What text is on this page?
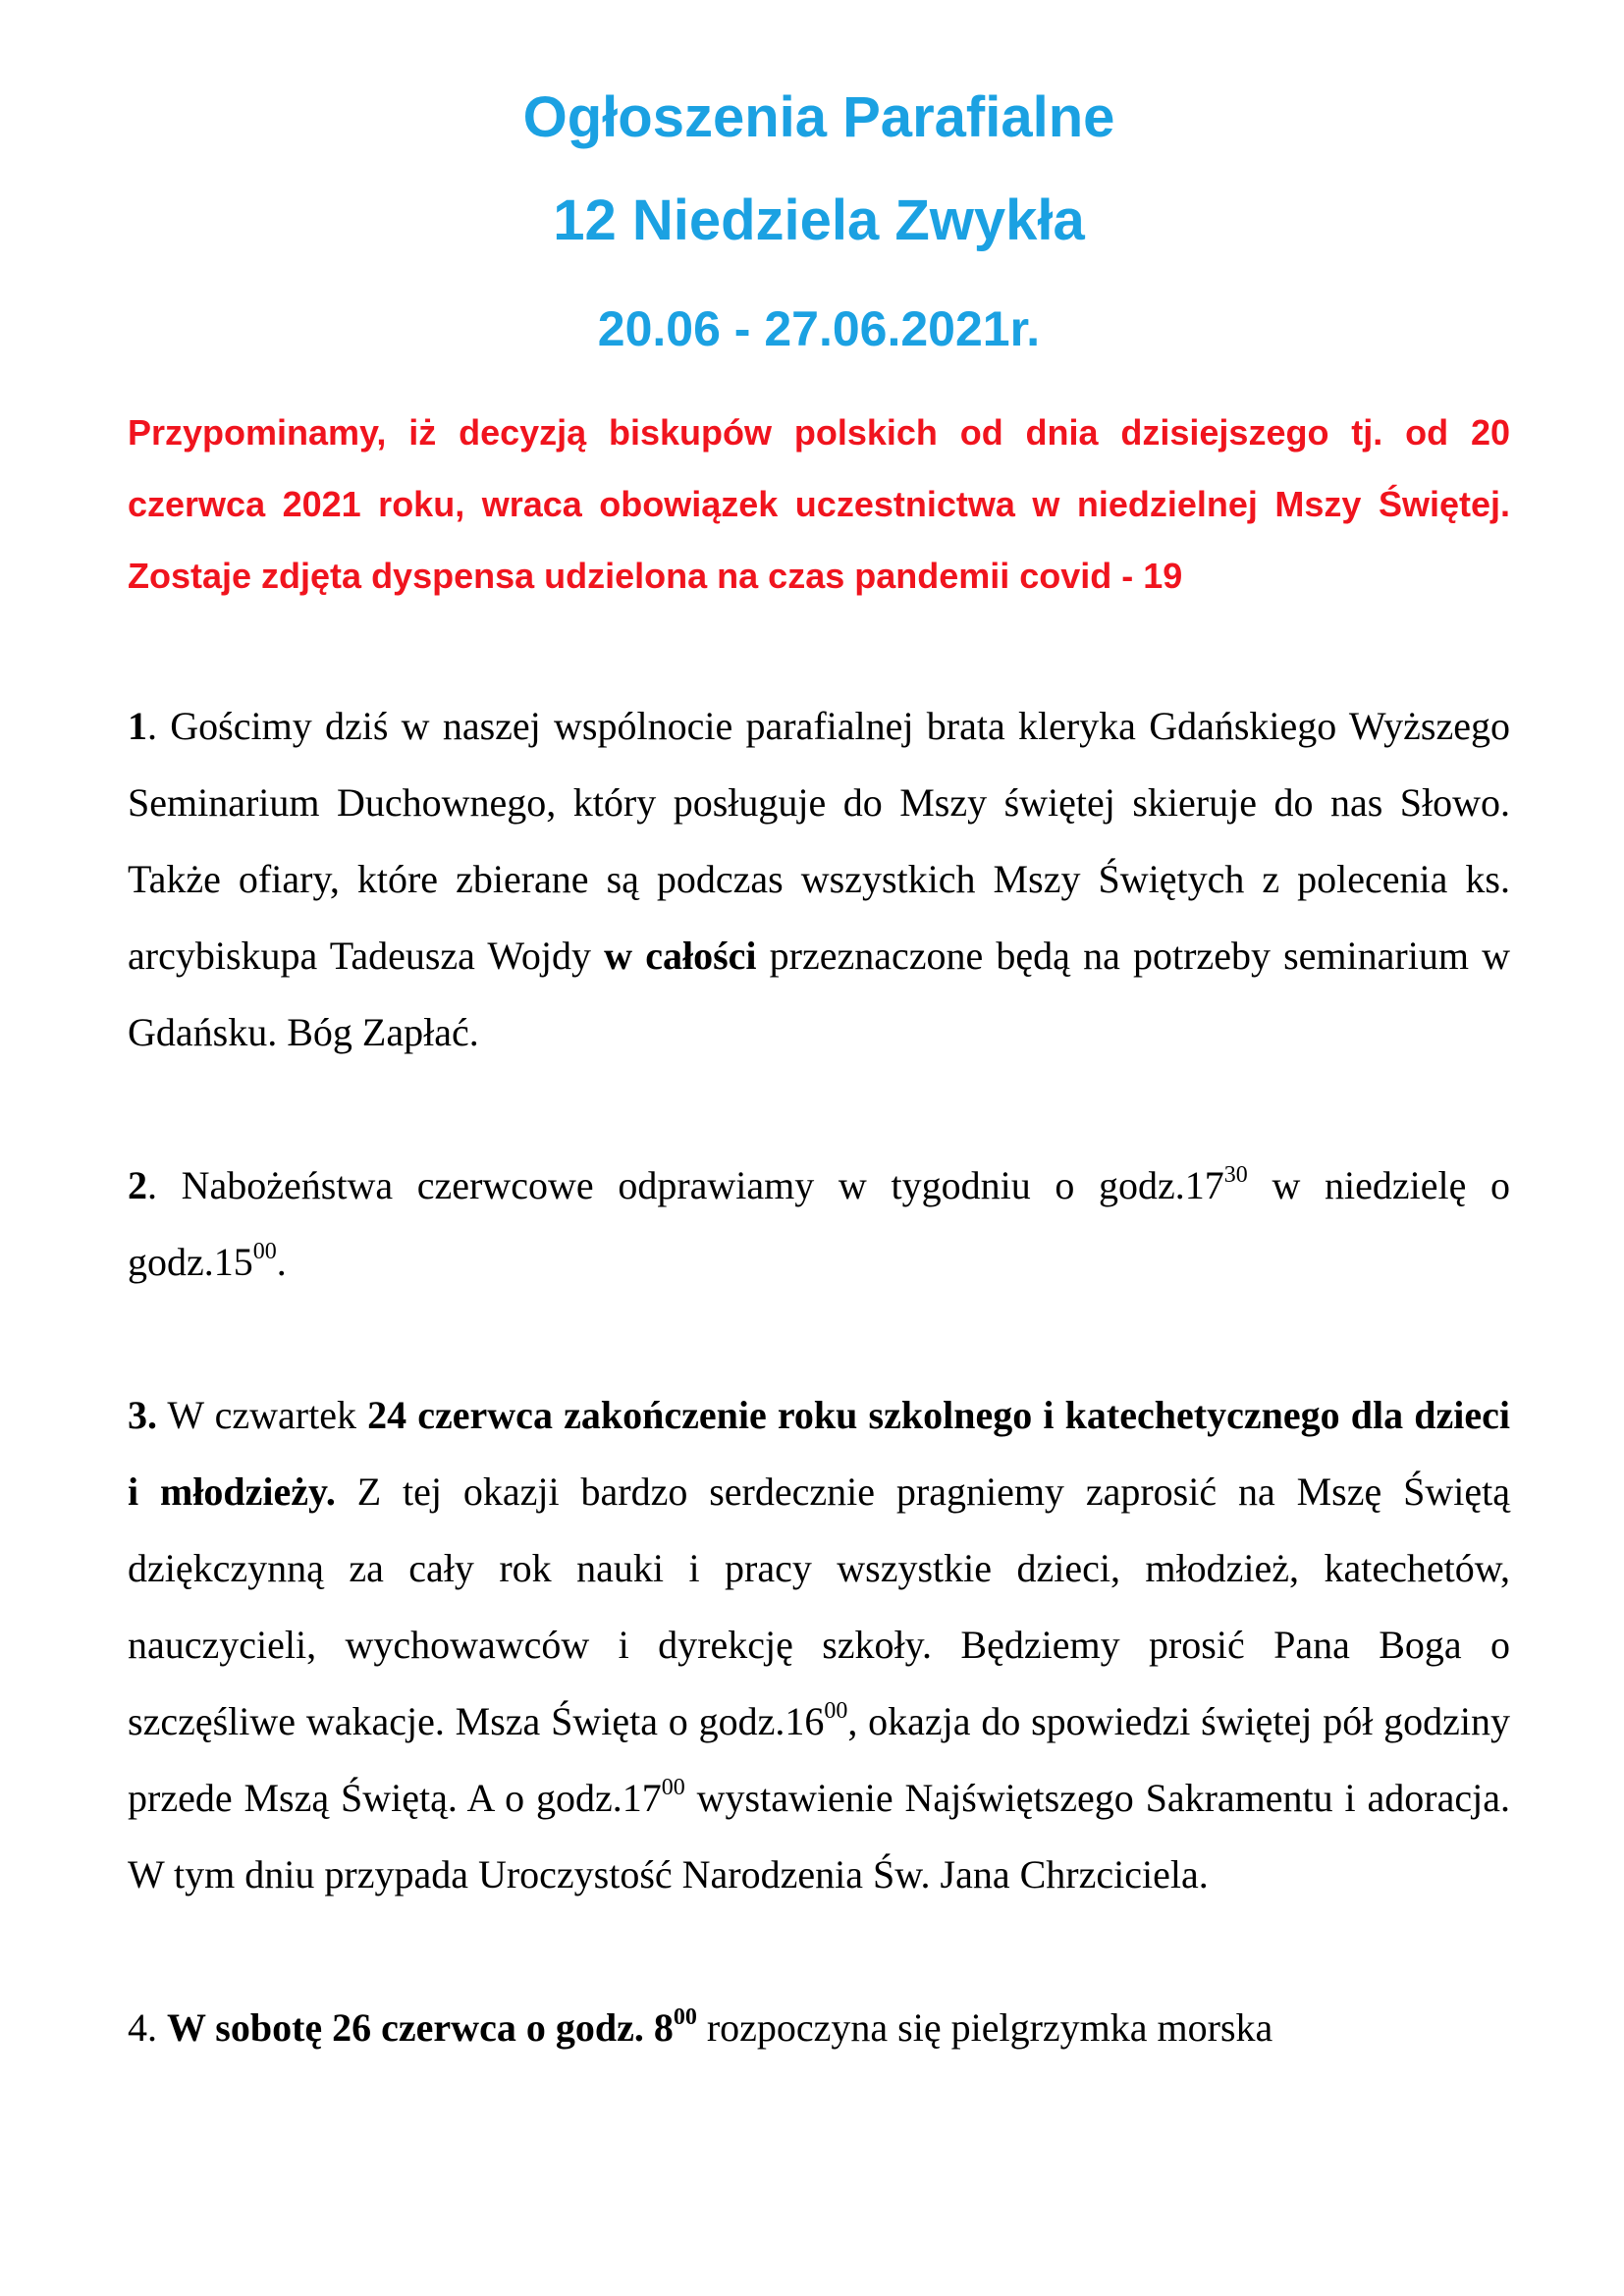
Ogłoszenia Parafialne
12 Niedziela Zwykła
20.06 - 27.06.2021r.

Przypominamy, iż decyzją biskupów polskich od dnia dzisiejszego tj. od 20 czerwca 2021 roku, wraca obowiązek uczestnictwa w niedzielnej Mszy Świętej. Zostaje zdjęta dyspensa udzielona na czas pandemii covid - 19

1. Gościmy dziś w naszej wspólnocie parafialnej brata kleryka Gdańskiego Wyższego Seminarium Duchownego, który posługuje do Mszy świętej skieruje do nas Słowo. Także ofiary, które zbierane są podczas wszystkich Mszy Świętych z polecenia ks. arcybiskupa Tadeusza Wojdy w całości przeznaczone będą na potrzeby seminarium w Gdańsku. Bóg Zapłać.

2. Nabożeństwa czerwcowe odprawiamy w tygodniu o $godz.17^{30}$ w niedzielę o $godz.15^{00}$.

3. W czwartek 24 czerwca zakończenie roku szkolnego i katechetycznego dla dzieci i młodzieży. Z tej okazji bardzo serdecznie pragniemy zaprosić na Mszę Świętą dziękczynną za cały rok nauki i pracy wszystkie dzieci, młodzież, katechetów, nauczycieli, wychowawców i dyrekcję szkoły. Będziemy prosić Pana Boga o szczęśliwe wakacje. Msza Święta o $godz.16^{00}$, okazja do spowiedzi świętej pół godziny przede Mszą Świętą. A o $godz.17^{00}$ wystawienie Najświętszego Sakramentu i adoracja. W tym dniu przypada Uroczystość Narodzenia Św. Jana Chrzciciela.

4. W sobotę 26 czerwca o godz. $8^{00}$ rozpoczyna się pielgrzymka morska
